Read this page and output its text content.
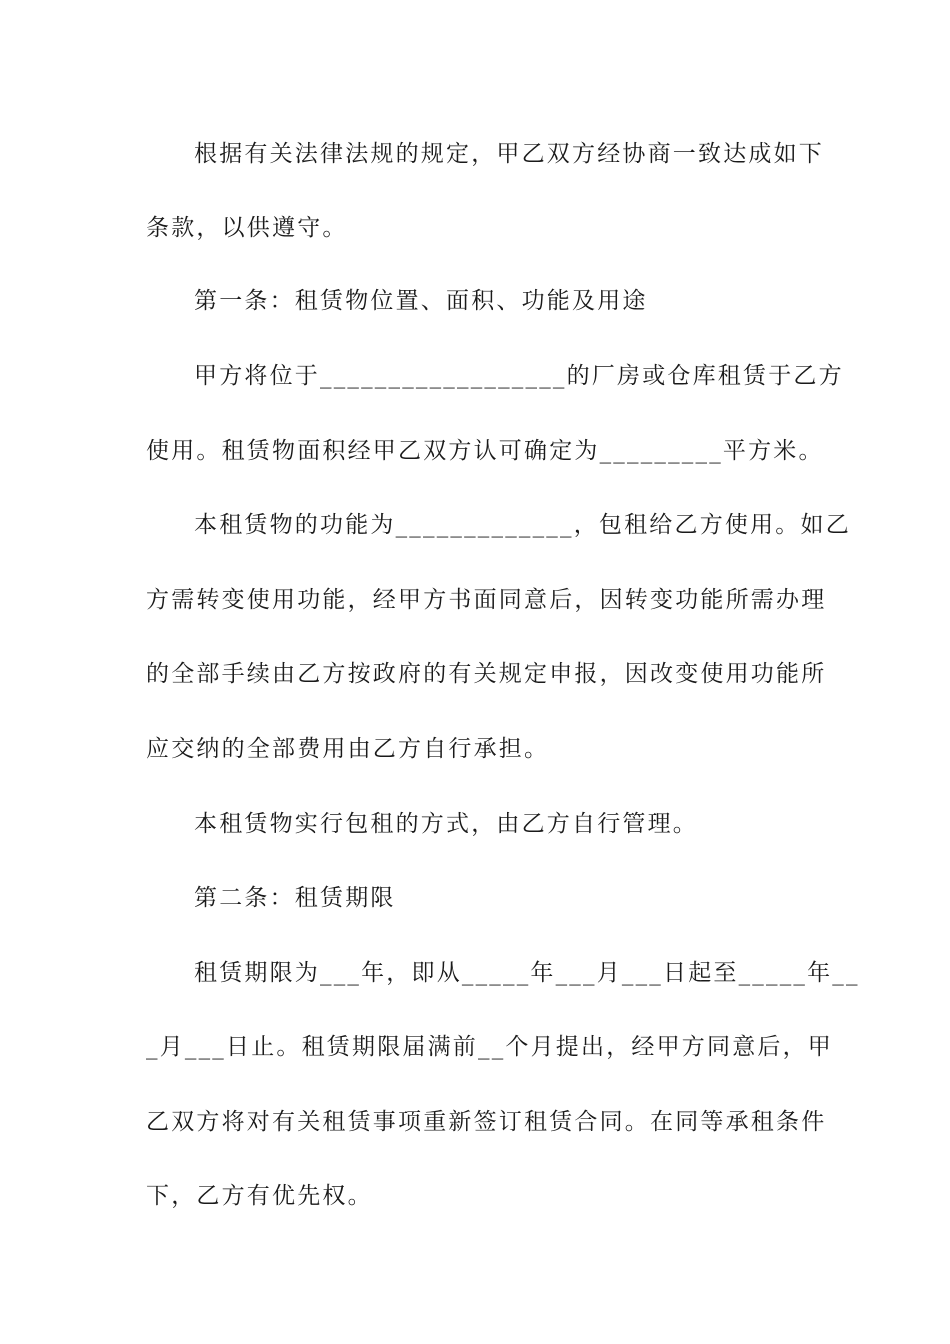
根据有关法律法规的规定，甲乙双方经协商一致达成如下
条款，以供遵守。
第一条：租赁物位置、面积、功能及用途
甲方将位于__________________的厂房或仓库租赁于乙方
使用。租赁物面积经甲乙双方认可确定为_________平方米。
本租赁物的功能为_____________，包租给乙方使用。如乙
方需转变使用功能，经甲方书面同意后，因转变功能所需办理
的全部手续由乙方按政府的有关规定申报，因改变使用功能所
应交纳的全部费用由乙方自行承担。
本租赁物实行包租的方式，由乙方自行管理。
第二条：租赁期限
租赁期限为___年，即从_____年___月___日起至_____年__
_月___日止。租赁期限届满前__个月提出，经甲方同意后，甲
乙双方将对有关租赁事项重新签订租赁合同。在同等承租条件
下，乙方有优先权。
